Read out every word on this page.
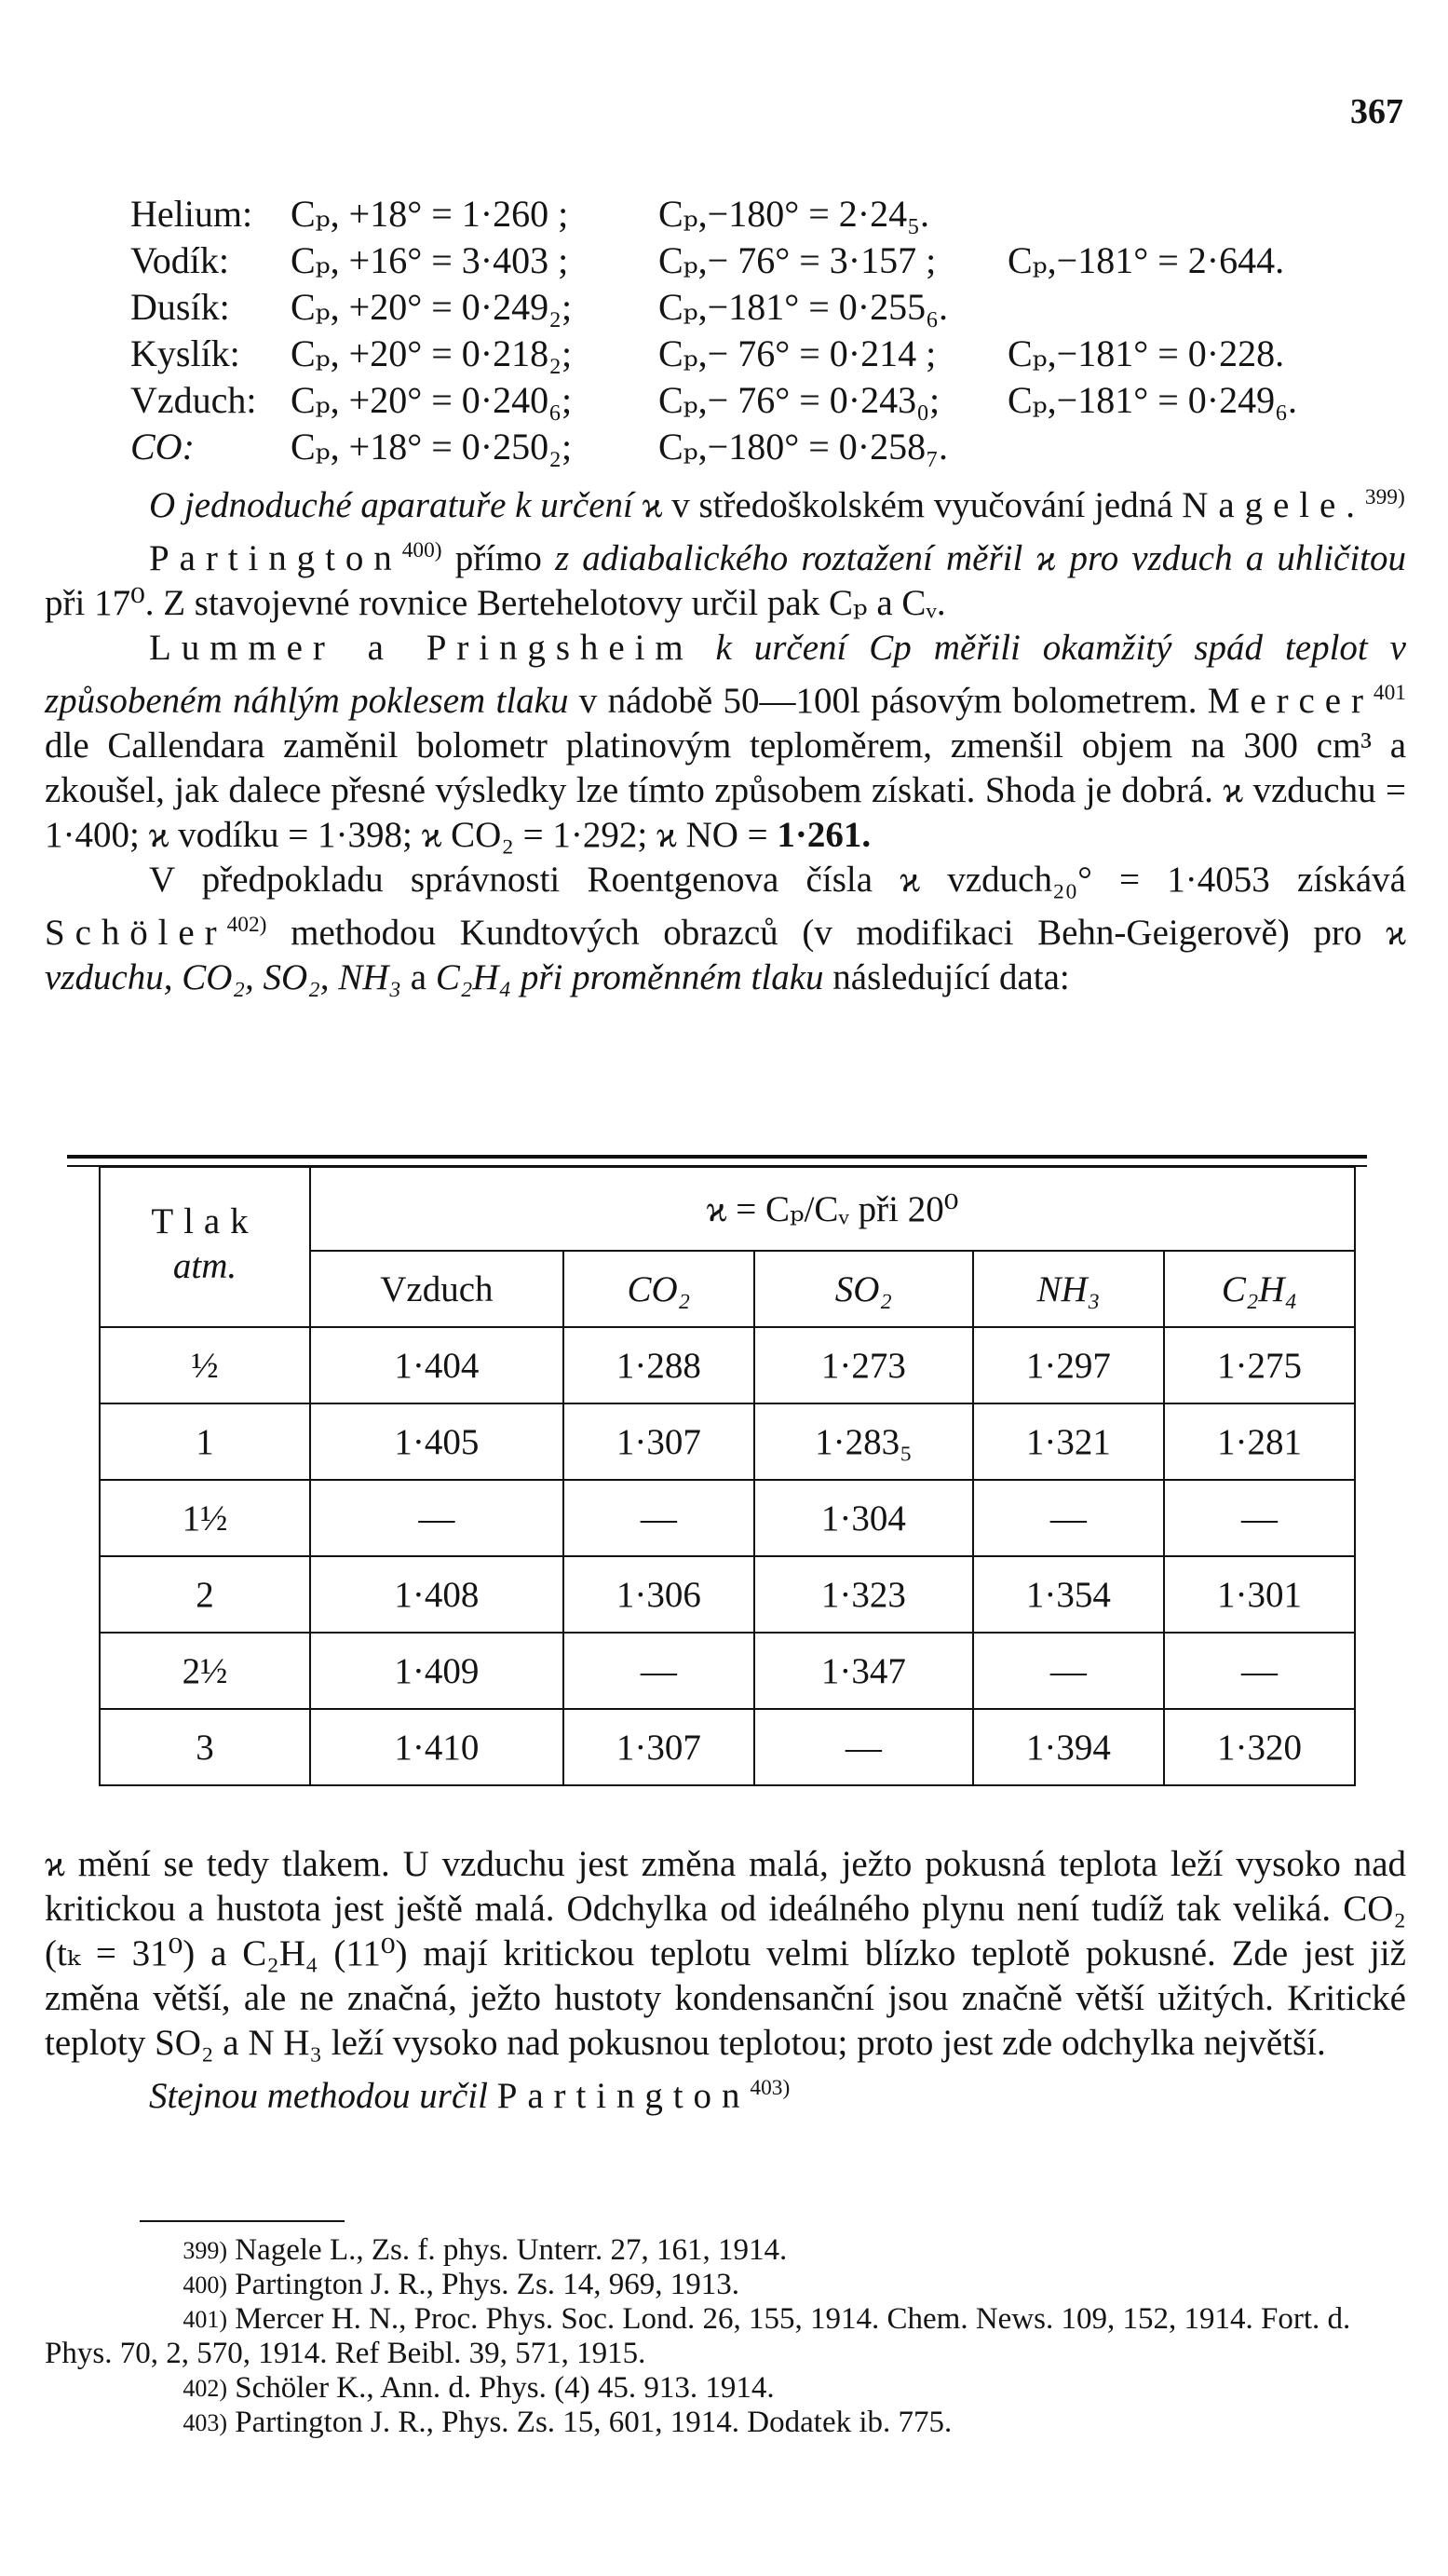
367
Helium:	Cₚ, +18° = 1·260 ;	Cₚ,−180° = 2·24₅.
Vodík:	Cₚ, +16° = 3·403 ;	Cₚ,− 76° = 3·157 ;	Cₚ,−181° = 2·644.
Dusík:	Cₚ, +20° = 0·249₂;	Cₚ,−181° = 0·255₆.
Kyslík:	Cₚ, +20° = 0·218₂;	Cₚ,− 76° = 0·214 ;	Cₚ,−181° = 0·228.
Vzduch: Cₚ, +20° = 0·240₆;	Cₚ,− 76° = 0·243₀;	Cₚ,−181° = 0·249₆.
CO:	Cₚ, +18° = 0·250₂;	Cₚ,−180° = 0·258₇.

O jednoduché aparatuře k určení ϰ v středoškolském vyučování jedná Nagele.$^{399)}$

Partington$^{400)}$ přímo z adiabalického roztažení měřil ϰ pro vzduch a uhličitou při 17⁰. Z stavojevné rovnice Bertehelotovy určil pak Cₚ a Cᵥ.

Lummer a Pringsheim k určení Cp měřili okamžitý spád teplot v způsobeném náhlým poklesem tlaku v nádobě 50—100l pásovým bolometrem. Mercer$^{401}$ dle Callendara zaměnil bolometr platinovým teploměrem, zmenšil objem na 300 cm³ a zkoušel, jak dalece přesné výsledky lze tímto způsobem získati. Shoda je dobrá. ϰ vzduchu = 1·400; ϰ vodíku = 1·398; ϰ CO₂ = 1·292; ϰ NO = 1·261.

V předpokladu správnosti Roentgenova čísla ϰ vzduch₂₀° = 1·4053 získává Schöler$^{402)}$ methodou Kundtových obrazců (v modifikaci Behn-Geigerově) pro ϰ vzduchu, CO₂, SO₂, NH₃ a C₂H₄ při proměnném tlaku následující data:

Tlak
atm.	ϰ = Cₚ/Cᵥ při 20⁰				
	Vzduch	CO₂	SO₂	NH₃	C₂H₄
½	1·404	1·288	1·273	1·297	1·275
1	1·405	1·307	1·283₅	1·321	1·281
1½	—	—	1·304	—	—
2	1·408	1·306	1·323	1·354	1·301
2½	1·409	—	1·347	—	—
3	1·410	1·307	—	1·394	1·320

ϰ mění se tedy tlakem. U vzduchu jest změna malá, ježto pokusná teplota leží vysoko nad kritickou a hustota jest ještě malá. Odchylka od ideálného plynu není tudíž tak veliká. CO₂ (tₖ = 31⁰) a C₂H₄ (11⁰) mají kritickou teplotu velmi blízko teplotě pokusné. Zde jest již změna větší, ale ne značná, ježto hustoty kondensanční jsou značně větší užitých. Kritické teploty SO₂ a N H₃ leží vysoko nad pokusnou teplotou; proto jest zde odchylka největší.

Stejnou methodou určil Partington$^{403)}$

399) Nagele L., Zs. f. phys. Unterr. 27, 161, 1914.
400) Partington J. R., Phys. Zs. 14, 969, 1913.
401) Mercer H. N., Proc. Phys. Soc. Lond. 26, 155, 1914. Chem. News. 109, 152, 1914. Fort. d. Phys. 70, 2, 570, 1914. Ref Beibl. 39, 571, 1915.
402) Schöler K., Ann. d. Phys. (4) 45. 913. 1914.
403) Partington J. R., Phys. Zs. 15, 601, 1914. Dodatek ib. 775.
